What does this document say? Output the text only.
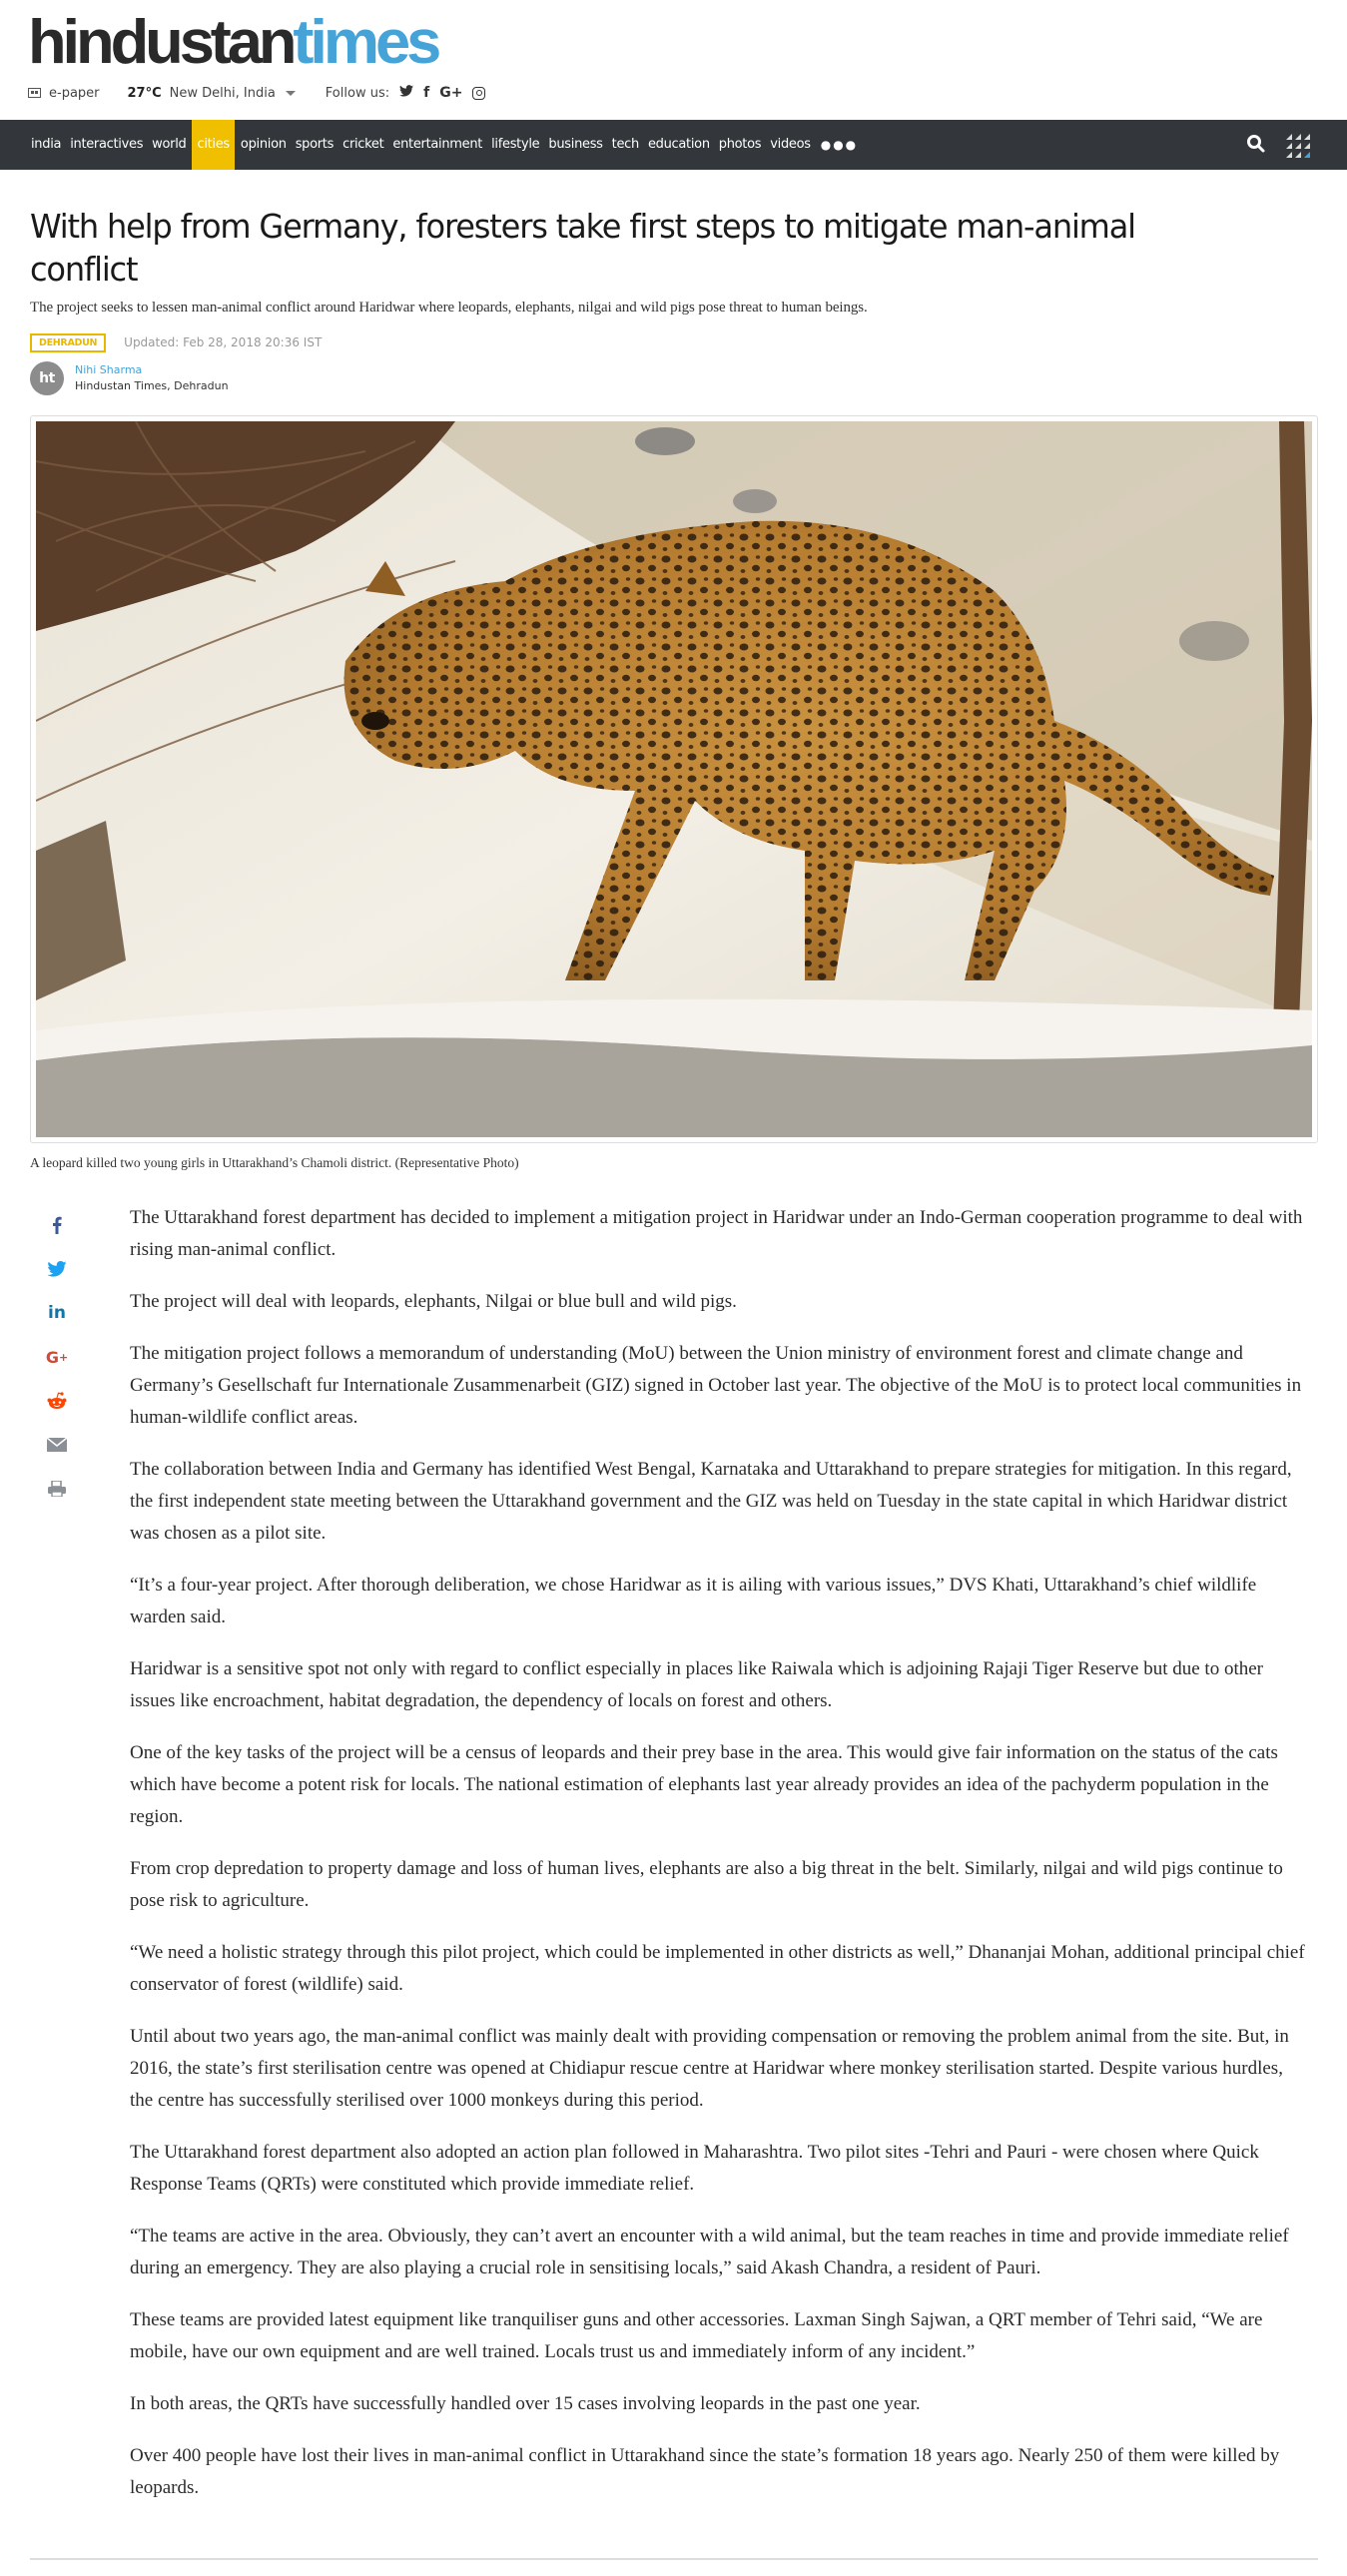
hindustantimes
e-paper 27°C New Delhi, India	Follow us: f G+
india interactives world cities opinion sports cricket entertainment lifestyle business tech education photos videos ●●●
With help from Germany, foresters take first steps to mitigate man-animal conflict

The project seeks to lessen man-animal conflict around Haridwar where leopards, elephants, nilgai and wild pigs pose threat to human beings.

DEHRADUN	Updated: Feb 28, 2018 20:36 IST
ht
Nihi Sharma
Hindustan Times, Dehradun
A leopard killed two young girls in Uttarakhand’s Chamoli district. (Representative Photo)
in
G +

The Uttarakhand forest department has decided to implement a mitigation project in Haridwar under an Indo-German cooperation programme to deal with rising man-animal conflict.

The project will deal with leopards, elephants, Nilgai or blue bull and wild pigs.

The mitigation project follows a memorandum of understanding (MoU) between the Union ministry of environment forest and climate change and Germany’s Gesellschaft fur Internationale Zusammenarbeit (GIZ) signed in October last year. The objective of the MoU is to protect local communities in human-wildlife conflict areas.

The collaboration between India and Germany has identified West Bengal, Karnataka and Uttarakhand to prepare strategies for mitigation. In this regard, the first independent state meeting between the Uttarakhand government and the GIZ was held on Tuesday in the state capital in which Haridwar district was chosen as a pilot site.

“It’s a four-year project. After thorough deliberation, we chose Haridwar as it is ailing with various issues,” DVS Khati, Uttarakhand’s chief wildlife warden said.

Haridwar is a sensitive spot not only with regard to conflict especially in places like Raiwala which is adjoining Rajaji Tiger Reserve but due to other issues like encroachment, habitat degradation, the dependency of locals on forest and others.

One of the key tasks of the project will be a census of leopards and their prey base in the area. This would give fair information on the status of the cats which have become a potent risk for locals. The national estimation of elephants last year already provides an idea of the pachyderm population in the region.

From crop depredation to property damage and loss of human lives, elephants are also a big threat in the belt. Similarly, nilgai and wild pigs continue to pose risk to agriculture.

“We need a holistic strategy through this pilot project, which could be implemented in other districts as well,” Dhananjai Mohan, additional principal chief conservator of forest (wildlife) said.

Until about two years ago, the man-animal conflict was mainly dealt with providing compensation or removing the problem animal from the site. But, in 2016, the state’s first sterilisation centre was opened at Chidiapur rescue centre at Haridwar where monkey sterilisation started. Despite various hurdles, the centre has successfully sterilised over 1000 monkeys during this period.

The Uttarakhand forest department also adopted an action plan followed in Maharashtra. Two pilot sites -Tehri and Pauri - were chosen where Quick Response Teams (QRTs) were constituted which provide immediate relief.

“The teams are active in the area. Obviously, they can’t avert an encounter with a wild animal, but the team reaches in time and provide immediate relief during an emergency. They are also playing a crucial role in sensitising locals,” said Akash Chandra, a resident of Pauri.

These teams are provided latest equipment like tranquiliser guns and other accessories. Laxman Singh Sajwan, a QRT member of Tehri said, “We are mobile, have our own equipment and are well trained. Locals trust us and immediately inform of any incident.”

In both areas, the QRTs have successfully handled over 15 cases involving leopards in the past one year.

Over 400 people have lost their lives in man-animal conflict in Uttarakhand since the state’s formation 18 years ago. Nearly 250 of them were killed by leopards.
